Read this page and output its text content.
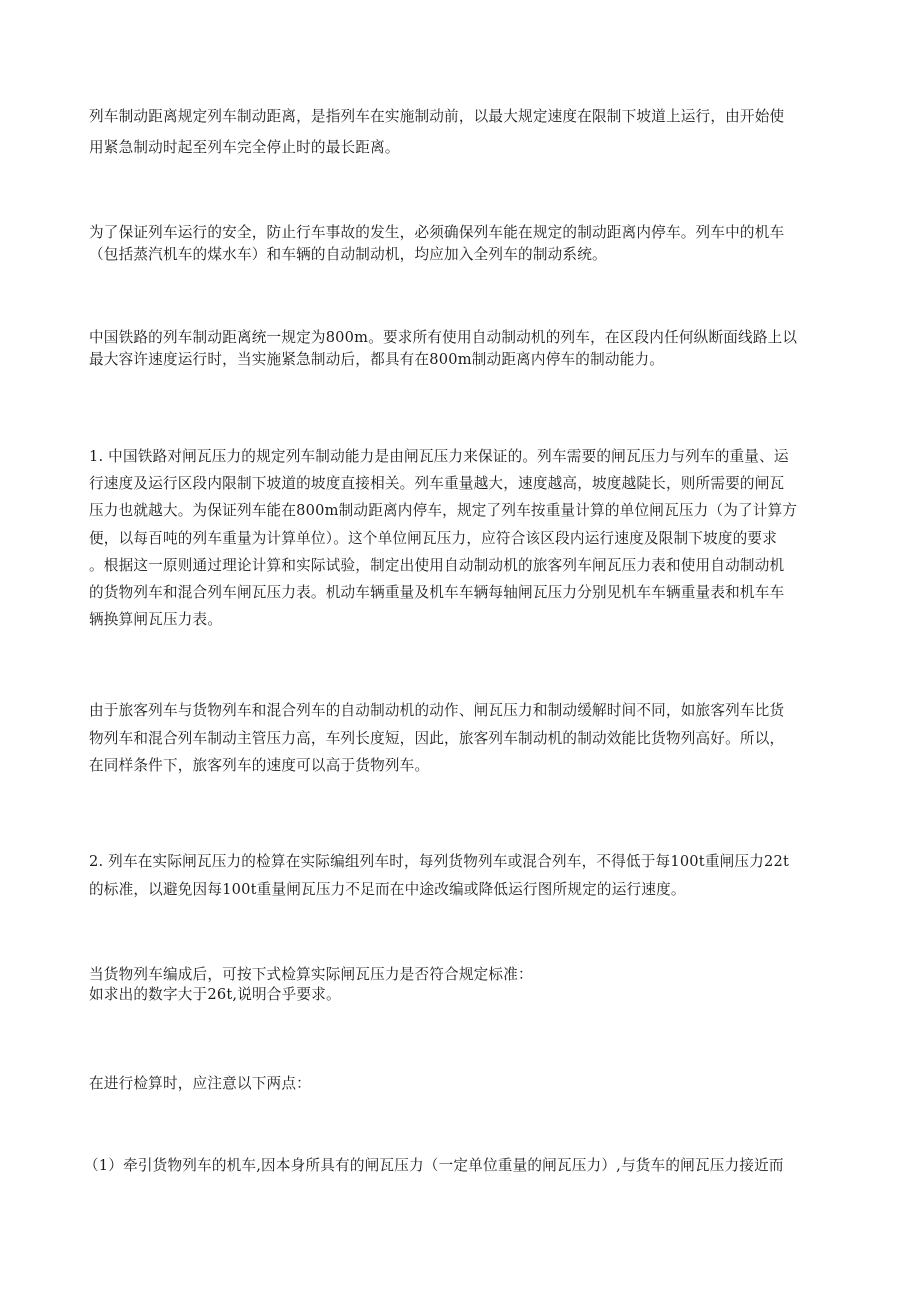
列车制动距离规定列车制动距离，是指列车在实施制动前，以最大规定速度在限制下坡道上运行，由开始使
用紧急制动时起至列车完全停止时的最长距离。

为了保证列车运行的安全，防止行车事故的发生，必须确保列车能在规定的制动距离内停车。列车中的机车
（包括蒸汽机车的煤水车）和车辆的自动制动机，均应加入全列车的制动系统。

中国铁路的列车制动距离统一规定为800m。要求所有使用自动制动机的列车，在区段内任何纵断面线路上以
最大容许速度运行时，当实施紧急制动后，都具有在800m制动距离内停车的制动能力。

1. 中国铁路对闸瓦压力的规定列车制动能力是由闸瓦压力来保证的。列车需要的闸瓦压力与列车的重量、运
行速度及运行区段内限制下坡道的坡度直接相关。列车重量越大，速度越高，坡度越陡长，则所需要的闸瓦
压力也就越大。为保证列车能在800m制动距离内停车，规定了列车按重量计算的单位闸瓦压力（为了计算方
便，以每百吨的列车重量为计算单位）。这个单位闸瓦压力，应符合该区段内运行速度及限制下坡度的要求
。根据这一原则通过理论计算和实际试验，制定出使用自动制动机的旅客列车闸瓦压力表和使用自动制动机
的货物列车和混合列车闸瓦压力表。机动车辆重量及机车车辆每轴闸瓦压力分别见机车车辆重量表和机车车
辆换算闸瓦压力表。

由于旅客列车与货物列车和混合列车的自动制动机的动作、闸瓦压力和制动缓解时间不同，如旅客列车比货
物列车和混合列车制动主管压力高，车列长度短，因此，旅客列车制动机的制动效能比货物列高好。所以，
在同样条件下，旅客列车的速度可以高于货物列车。

2. 列车在实际闸瓦压力的检算在实际编组列车时，每列货物列车或混合列车，不得低于每100t重闸压力22t
的标准，以避免因每100t重量闸瓦压力不足而在中途改编或降低运行图所规定的运行速度。

当货物列车编成后，可按下式检算实际闸瓦压力是否符合规定标准：
如求出的数字大于26t,说明合乎要求。

在进行检算时，应注意以下两点：

（1）牵引货物列车的机车,因本身所具有的闸瓦压力（一定单位重量的闸瓦压力）,与货车的闸瓦压力接近而
